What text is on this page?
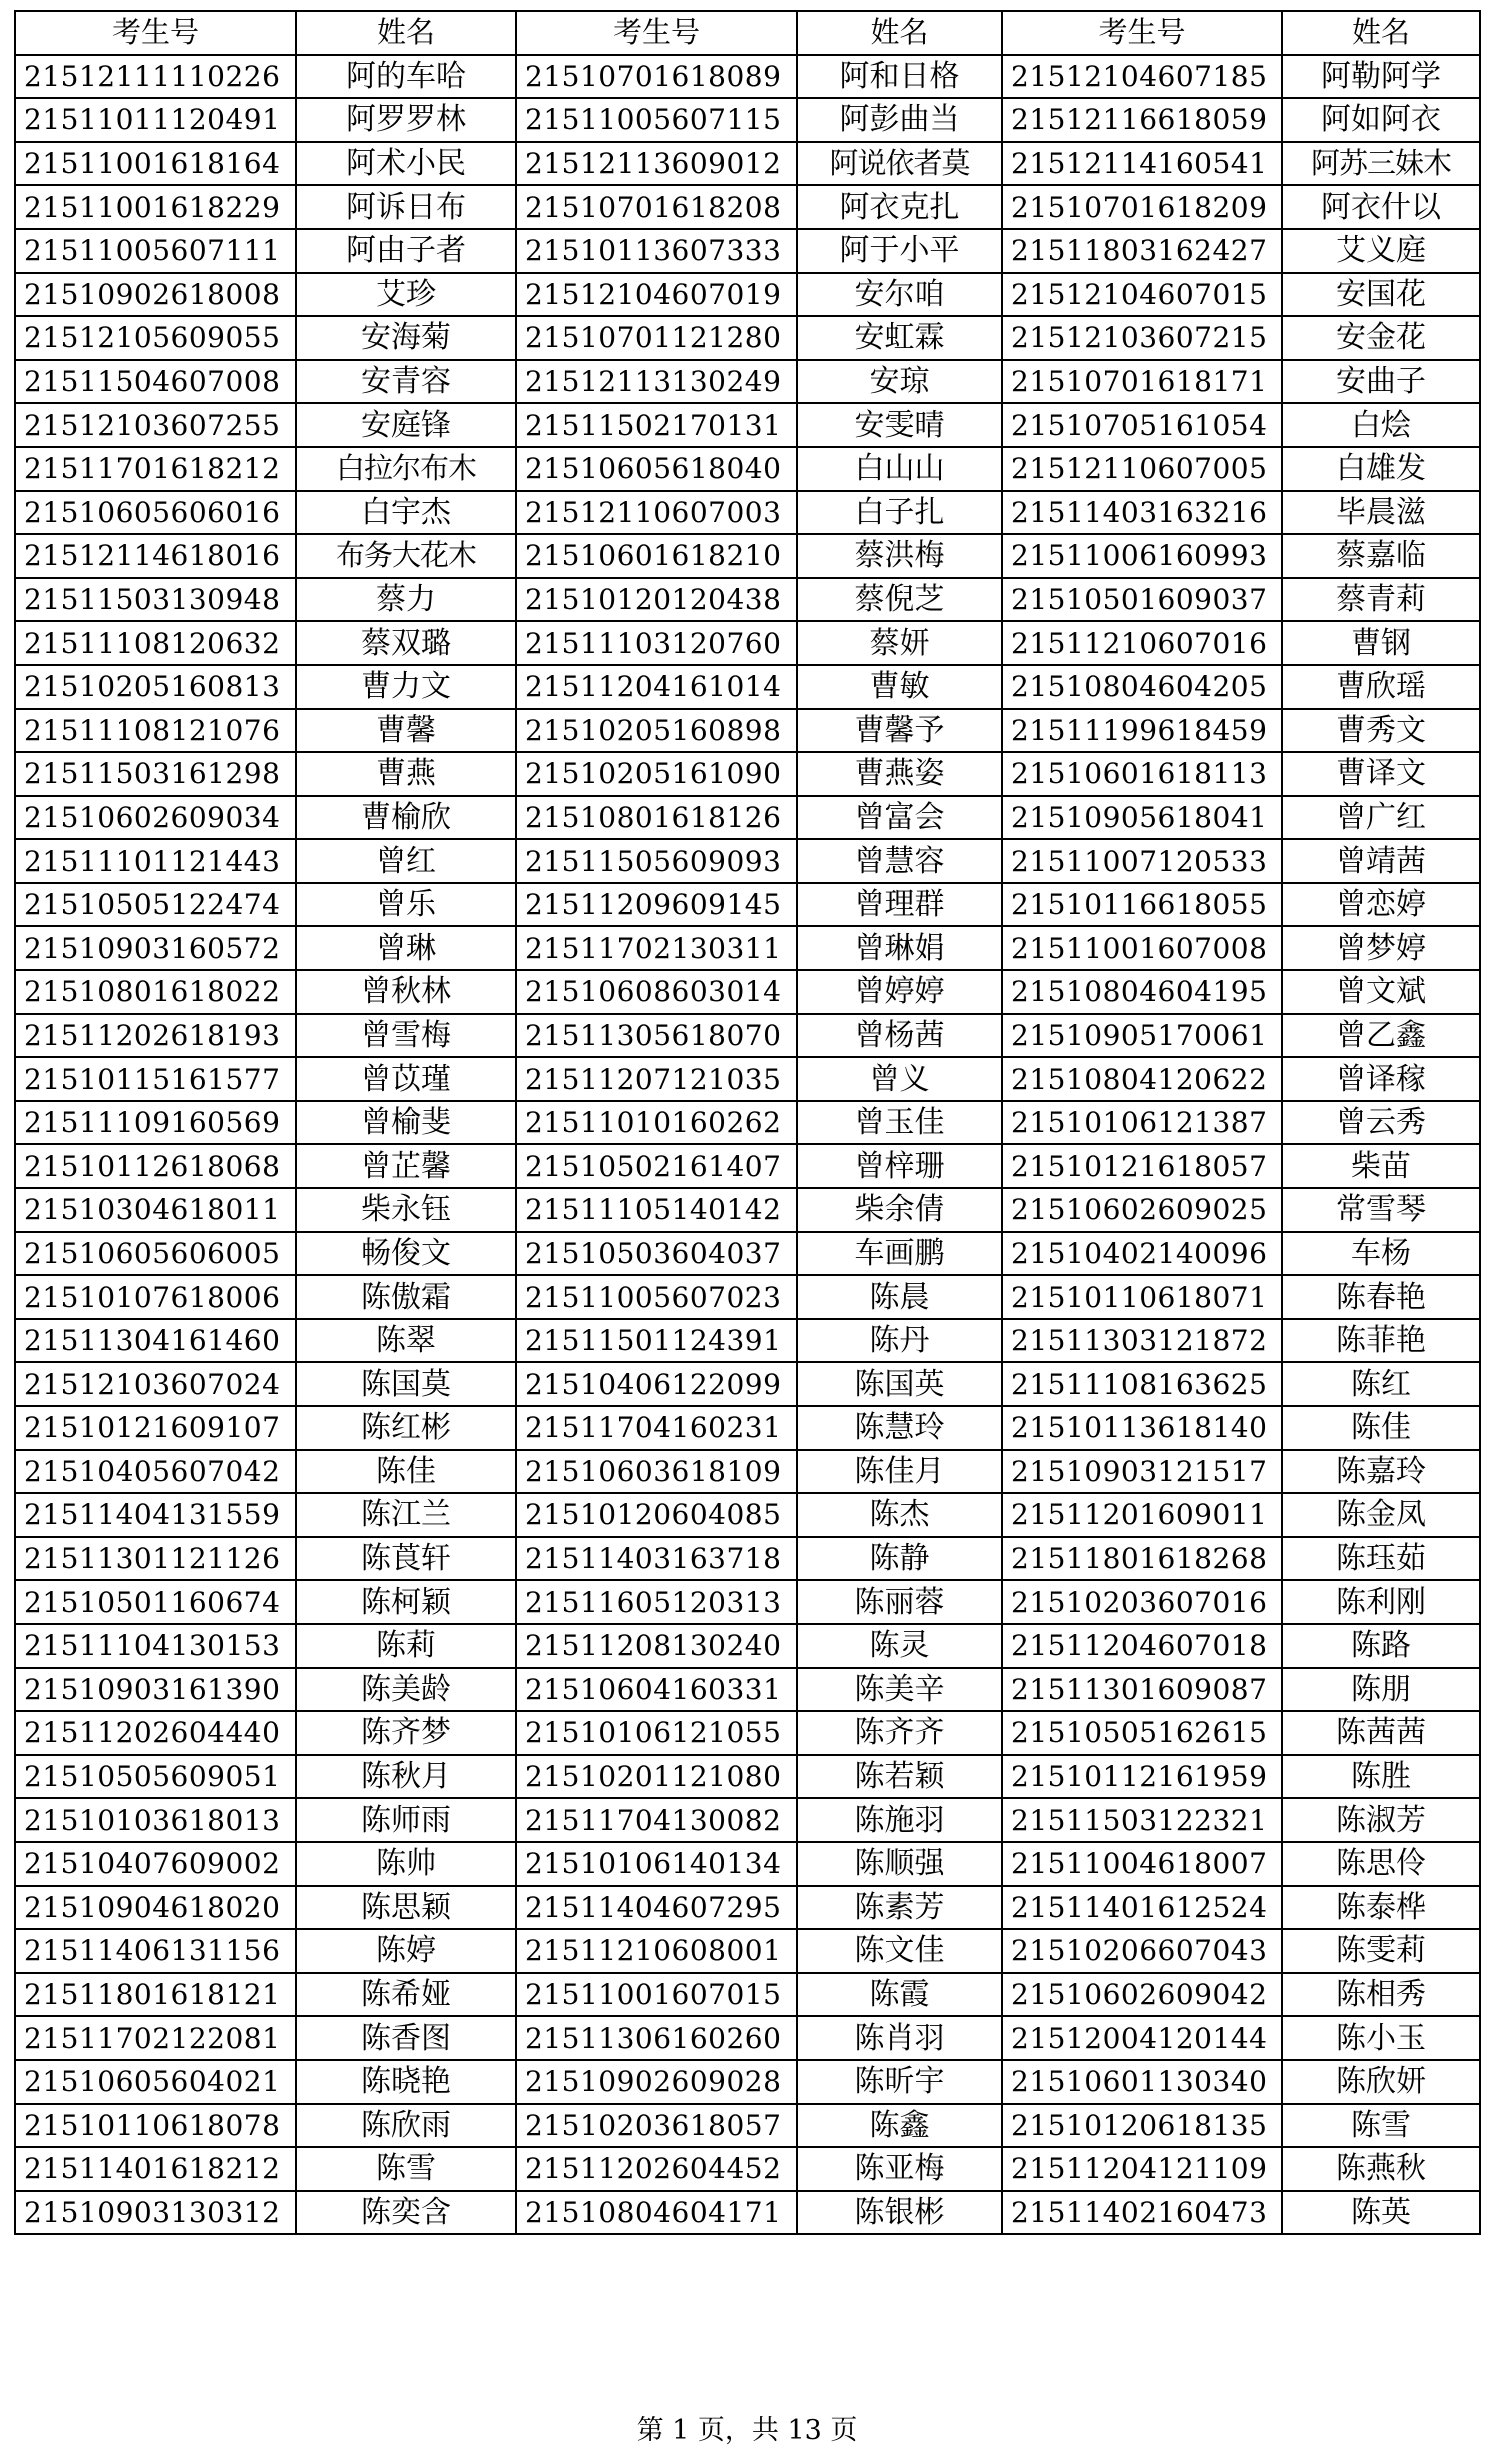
考生号	姓名	考生号	姓名	考生号	姓名
21512111110226	阿的车哈	21510701618089	阿和日格	21512104607185	阿勒阿学
21511011120491	阿罗罗林	21511005607115	阿彭曲当	21512116618059	阿如阿衣
21511001618164	阿术小民	21512113609012	阿说依者莫	21512114160541	阿苏三妹木
21511001618229	阿诉日布	21510701618208	阿衣克扎	21510701618209	阿衣什以
21511005607111	阿由子者	21510113607333	阿于小平	21511803162427	艾义庭
21510902618008	艾珍	21512104607019	安尔咱	21512104607015	安国花
21512105609055	安海菊	21510701121280	安虹霖	21512103607215	安金花
21511504607008	安青容	21512113130249	安琼	21510701618171	安曲子
21512103607255	安庭锋	21511502170131	安雯晴	21510705161054	白烩
21511701618212	白拉尔布木	21510605618040	白山山	21512110607005	白雄发
21510605606016	白宇杰	21512110607003	白子扎	21511403163216	毕晨滋
21512114618016	布务大花木	21510601618210	蔡洪梅	21511006160993	蔡嘉临
21511503130948	蔡力	21510120120438	蔡倪芝	21510501609037	蔡青莉
21511108120632	蔡双璐	21511103120760	蔡妍	21511210607016	曹钢
21510205160813	曹力文	21511204161014	曹敏	21510804604205	曹欣瑶
21511108121076	曹馨	21510205160898	曹馨予	21511199618459	曹秀文
21511503161298	曹燕	21510205161090	曹燕姿	21510601618113	曹译文
21510602609034	曹榆欣	21510801618126	曾富会	21510905618041	曾广红
21511101121443	曾红	21511505609093	曾慧容	21511007120533	曾靖茜
21510505122474	曾乐	21511209609145	曾理群	21510116618055	曾恋婷
21510903160572	曾琳	21511702130311	曾琳娟	21511001607008	曾梦婷
21510801618022	曾秋林	21510608603014	曾婷婷	21510804604195	曾文斌
21511202618193	曾雪梅	21511305618070	曾杨茜	21510905170061	曾乙鑫
21510115161577	曾苡瑾	21511207121035	曾义	21510804120622	曾译稼
21511109160569	曾榆斐	21511010160262	曾玉佳	21510106121387	曾云秀
21510112618068	曾芷馨	21510502161407	曾梓珊	21510121618057	柴苗
21510304618011	柴永钰	21511105140142	柴余倩	21510602609025	常雪琴
21510605606005	畅俊文	21510503604037	车画鹏	21510402140096	车杨
21510107618006	陈傲霜	21511005607023	陈晨	21510110618071	陈春艳
21511304161460	陈翠	21511501124391	陈丹	21511303121872	陈菲艳
21512103607024	陈国莫	21510406122099	陈国英	21511108163625	陈红
21510121609107	陈红彬	21511704160231	陈慧玲	21510113618140	陈佳
21510405607042	陈佳	21510603618109	陈佳月	21510903121517	陈嘉玲
21511404131559	陈江兰	21510120604085	陈杰	21511201609011	陈金凤
21511301121126	陈莨轩	21511403163718	陈静	21511801618268	陈珏茹
21510501160674	陈柯颖	21511605120313	陈丽蓉	21510203607016	陈利刚
21511104130153	陈莉	21511208130240	陈灵	21511204607018	陈路
21510903161390	陈美龄	21510604160331	陈美辛	21511301609087	陈朋
21511202604440	陈齐梦	21510106121055	陈齐齐	21510505162615	陈茜茜
21510505609051	陈秋月	21510201121080	陈若颖	21510112161959	陈胜
21510103618013	陈师雨	21511704130082	陈施羽	21511503122321	陈淑芳
21510407609002	陈帅	21510106140134	陈顺强	21511004618007	陈思伶
21510904618020	陈思颖	21511404607295	陈素芳	21511401612524	陈泰桦
21511406131156	陈婷	21511210608001	陈文佳	21510206607043	陈雯莉
21511801618121	陈希娅	21511001607015	陈霞	21510602609042	陈相秀
21511702122081	陈香图	21511306160260	陈肖羽	21512004120144	陈小玉
21510605604021	陈晓艳	21510902609028	陈昕宇	21510601130340	陈欣妍
21510110618078	陈欣雨	21510203618057	陈鑫	21510120618135	陈雪
21511401618212	陈雪	21511202604452	陈亚梅	21511204121109	陈燕秋
21510903130312	陈奕含	21510804604171	陈银彬	21511402160473	陈英
第 1 页，共 13 页
